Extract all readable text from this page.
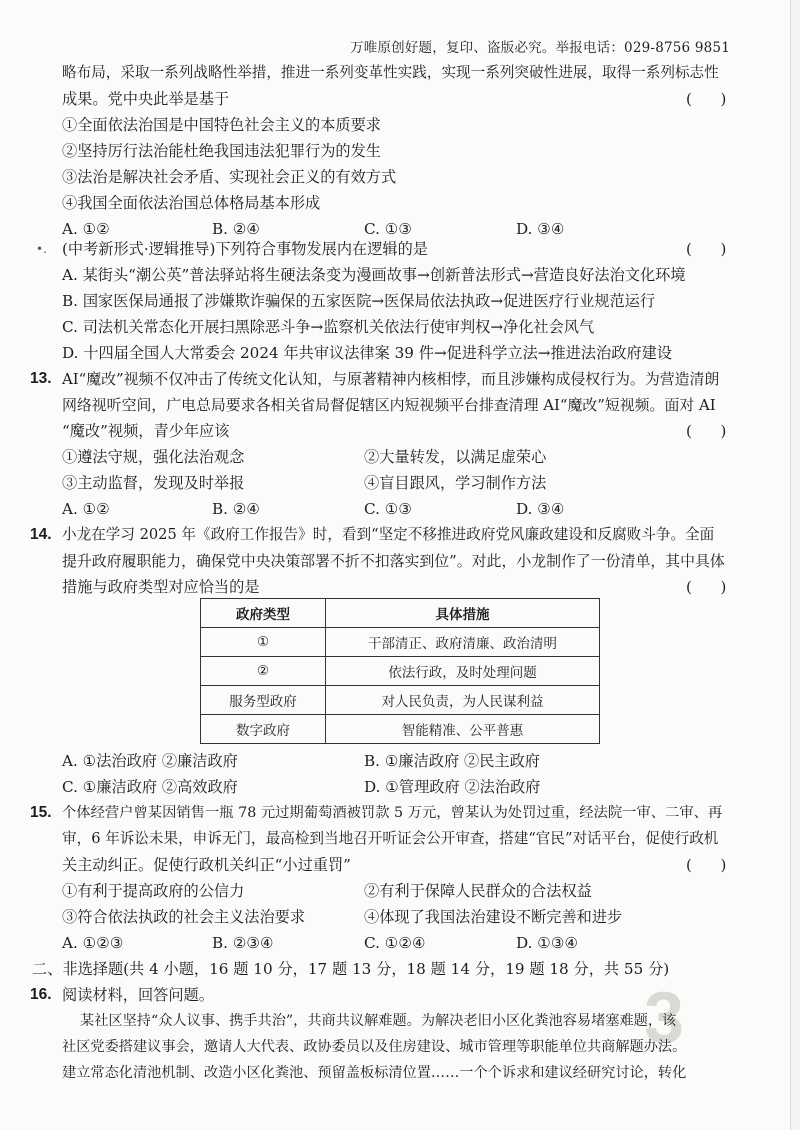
万唯原创好题，复印、盗版必究。举报电话：029-8756 9851
略布局，采取一系列战略性举措，推进一系列变革性实践，实现一系列突破性进展，取得一系列标志性
成果。党中央此举是基于	(      )
①全面依法治国是中国特色社会主义的本质要求
②坚持厉行法治能杜绝我国违法犯罪行为的发生
③法治是解决社会矛盾、实现社会正义的有效方式
④我国全面依法治国总体格局基本形成
A. ①②	B. ②④	C. ①③	D. ③④
•. (中考新形式·逻辑推导)下列符合事物发展内在逻辑的是	(      )
A. 某街头“潮公英”普法驿站将生硬法条变为漫画故事→创新普法形式→营造良好法治文化环境
B. 国家医保局通报了涉嫌欺诈骗保的五家医院→医保局依法执政→促进医疗行业规范运行
C. 司法机关常态化开展扫黑除恶斗争→监察机关依法行使审判权→净化社会风气
D. 十四届全国人大常委会 2024 年共审议法律案 39 件→促进科学立法→推进法治政府建设
13. AI“魔改”视频不仅冲击了传统文化认知，与原著精神内核相悖，而且涉嫌构成侵权行为。为营造清朗
网络视听空间，广电总局要求各相关省局督促辖区内短视频平台排查清理 AI“魔改”短视频。面对 AI
“魔改”视频，青少年应该	(      )
①遵法守规，强化法治观念	②大量转发，以满足虚荣心
③主动监督，发现及时举报	④盲目跟风，学习制作方法
A. ①②	B. ②④	C. ①③	D. ③④
14. 小龙在学习 2025 年《政府工作报告》时，看到“坚定不移推进政府党风廉政建设和反腐败斗争。全面
提升政府履职能力，确保党中央决策部署不折不扣落实到位”。对此，小龙制作了一份清单，其中具体
措施与政府类型对应恰当的是	(      )
政府类型	具体措施
①	干部清正、政府清廉、政治清明
②	依法行政，及时处理问题
服务型政府	对人民负责，为人民谋利益
数字政府	智能精准、公平普惠
A. ①法治政府 ②廉洁政府	B. ①廉洁政府 ②民主政府
C. ①廉洁政府 ②高效政府	D. ①管理政府 ②法治政府
15. 个体经营户曾某因销售一瓶 78 元过期葡萄酒被罚款 5 万元，曾某认为处罚过重，经法院一审、二审、再
审，6 年诉讼未果，申诉无门，最高检到当地召开听证会公开审查，搭建“官民”对话平台，促使行政机
关主动纠正。促使行政机关纠正“小过重罚”	(      )
①有利于提高政府的公信力	②有利于保障人民群众的合法权益
③符合依法执政的社会主义法治要求	④体现了我国法治建设不断完善和进步
A. ①②③	B. ②③④	C. ①②④	D. ①③④
二、非选择题(共 4 小题，16 题 10 分，17 题 13 分，18 题 14 分，19 题 18 分，共 55 分)
3
16. 阅读材料，回答问题。
某社区坚持“众人议事、携手共治”，共商共议解难题。为解决老旧小区化粪池容易堵塞难题，该
社区党委搭建议事会，邀请人大代表、政协委员以及住房建设、城市管理等职能单位共商解题办法。
建立常态化清池机制、改造小区化粪池、预留盖板标清位置……一个个诉求和建议经研究讨论，转化
